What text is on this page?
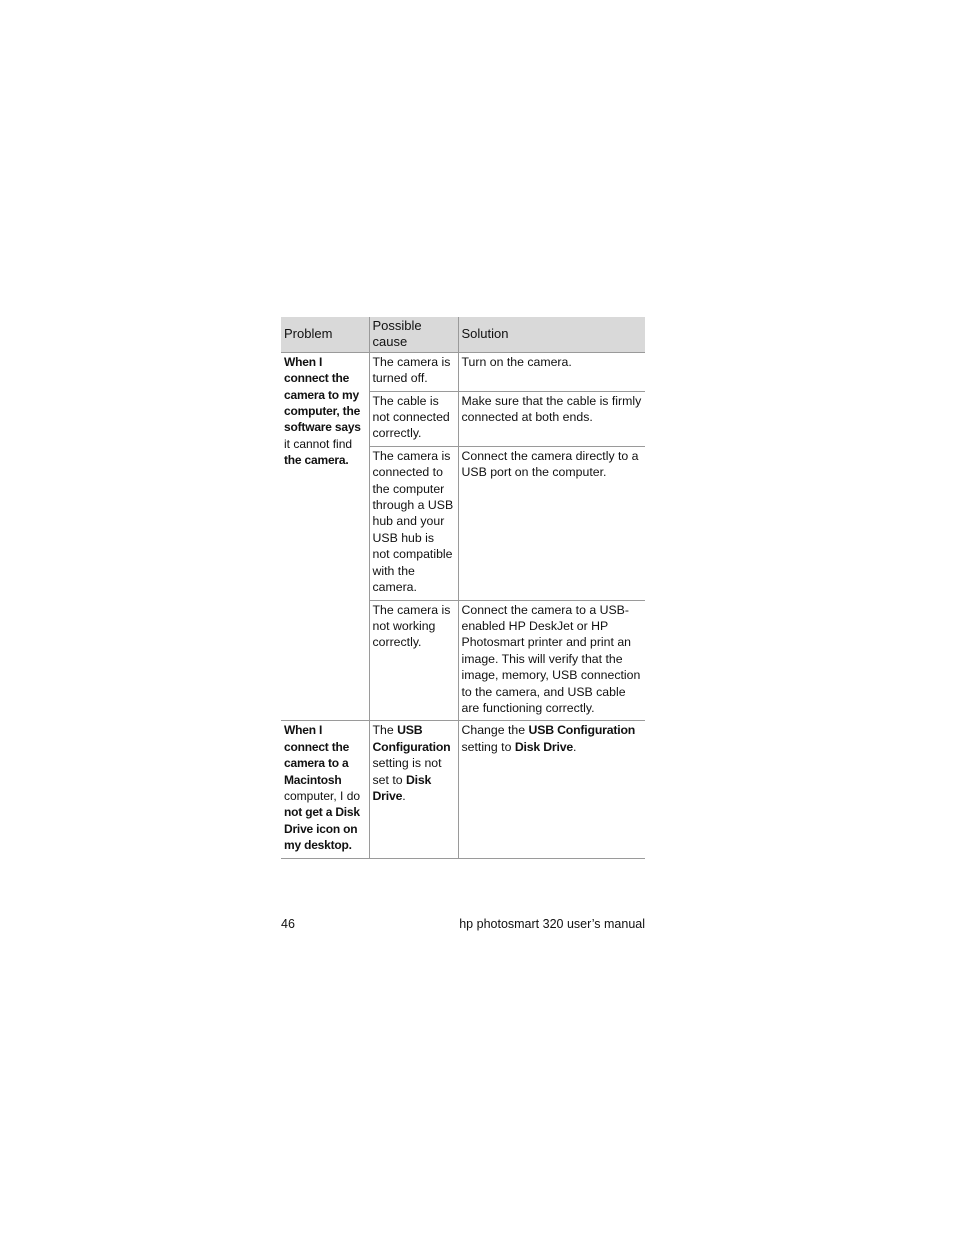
Problem	Possible cause	Solution
When I connect the camera to my computer, the software says it cannot find the camera.	The camera is turned off.	Turn on the camera.
	The cable is not connected correctly.	Make sure that the cable is firmly connected at both ends.
	The camera is connected to the computer through a USB hub and your USB hub is not compatible with the camera.	Connect the camera directly to a USB port on the computer.
	The camera is not working correctly.	Connect the camera to a USB-enabled HP DeskJet or HP Photosmart printer and print an image. This will verify that the image, memory, USB connection to the camera, and USB cable are functioning correctly.
When I connect the camera to a Macintosh computer, I do not get a Disk Drive icon on my desktop.	The USB Configuration setting is not set to Disk Drive.	Change the USB Configuration setting to Disk Drive.
46	hp photosmart 320 user’s manual
